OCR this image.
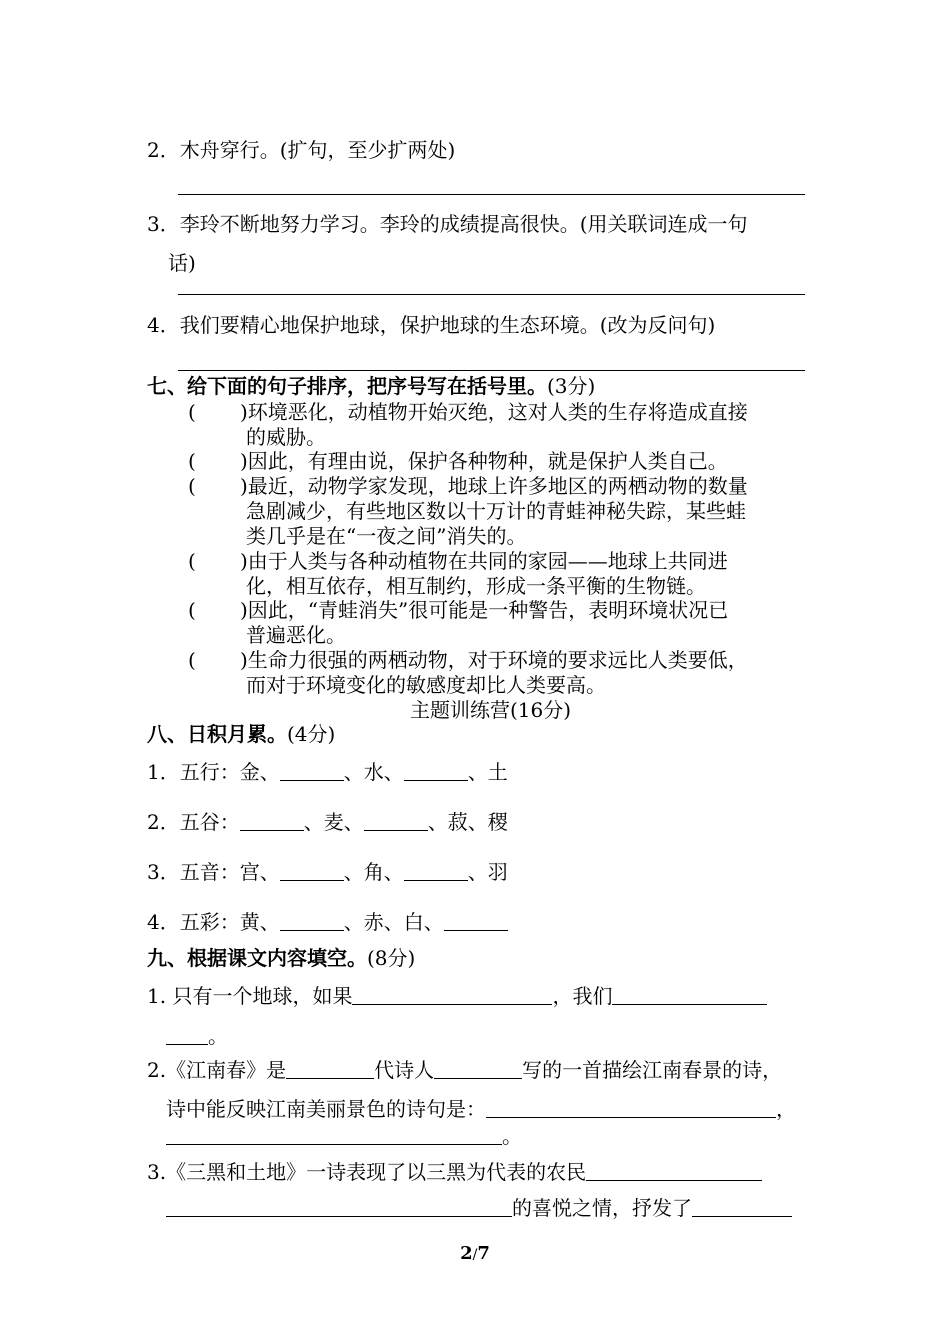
2．木舟穿行。(扩句，至少扩两处)
3．李玲不断地努力学习。李玲的成绩提高很快。(用关联词连成一句
话)
4．我们要精心地保护地球，保护地球的生态环境。(改为反问句)
七、给下面的句子排序，把序号写在括号里。(3分)
( )环境恶化，动植物开始灭绝，这对人类的生存将造成直接
的威胁。
( )因此，有理由说，保护各种物种，就是保护人类自己。
( )最近，动物学家发现，地球上许多地区的两栖动物的数量
急剧减少，有些地区数以十万计的青蛙神秘失踪，某些蛙
类几乎是在“一夜之间”消失的。
( )由于人类与各种动植物在共同的家园——地球上共同进
化，相互依存，相互制约，形成一条平衡的生物链。
( )因此，“青蛙消失”很可能是一种警告，表明环境状况已
普遍恶化。
( )生命力很强的两栖动物，对于环境的要求远比人类要低，
而对于环境变化的敏感度却比人类要高。
主题训练营(16分)
八、日积月累。(4分)
1．五行：金、	、水、	、土
2．五谷：	、麦、	、菽、稷
3．五音：宫、	、角、	、羽
4．五彩：黄、	、赤、白、
九、根据课文内容填空。(8分)
1. 只有一个地球，如果	，我们
。
2.《江南春》是	代诗人	写的一首描绘江南春景的诗，
诗中能反映江南美丽景色的诗句是：	，
。
3.《三黑和土地》一诗表现了以三黑为代表的农民
的喜悦之情，抒发了
2/7
